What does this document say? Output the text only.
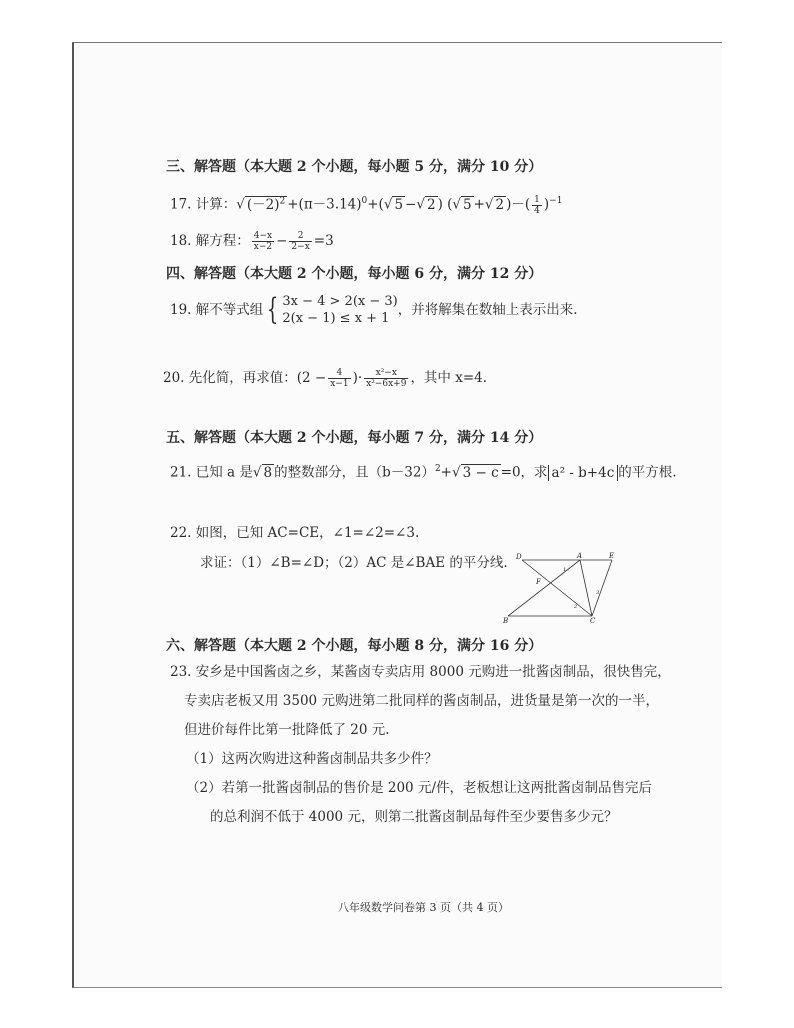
三、解答题（本大题 2 个小题，每小题 5 分，满分 10 分）
17. 计算：√ $(-2)^2 +(\pi-3.14)^0+(√$ 5 −√ 2 ) (√ 5 +√ 2 )－( $\frac{1}{4} )^{-1}$
18. 解方程： $\frac{4-x}{x-2} - \frac{2}{2-x} =3$
四、解答题（本大题 2 个小题，每小题 6 分，满分 12 分）
19. 解不等式组 { 3x − 4 > 2(x − 3)
2(x − 1) ≤ x + 1
，并将解集在数轴上表示出来.
20. 先化简，再求值：($2 - \frac{4}{x-1}$ )· $\frac{\text{x²−x}}{\text{x²−6x+9}}$ ，其中 x=4.
五、解答题（本大题 2 个小题，每小题 7 分，满分 14 分）
21. 已知 a 是√ 8 的整数部分，且$(b-32)^2+√$ 3 − c =0，求 a² - b+4c 的平方根.
22. 如图，已知 AC=CE，∠1=∠2=∠3.
求证：（1）∠B=∠D；（2）AC 是∠BAE 的平分线. D	A	E
F
B	C
1
2
3
六、解答题（本大题 2 个小题，每小题 8 分，满分 16 分）
23. 安乡是中国酱卤之乡，某酱卤专卖店用 8000 元购进一批酱卤制品，很快售完，
专卖店老板又用 3500 元购进第二批同样的酱卤制品，进货量是第一次的一半，
但进价每件比第一批降低了 20 元.
（1）这两次购进这种酱卤制品共多少件？
（2）若第一批酱卤制品的售价是 200 元/件，老板想让这两批酱卤制品售完后
的总利润不低于 4000 元，则第二批酱卤制品每件至少要售多少元？
八年级数学问卷第 3 页（共 4 页）
